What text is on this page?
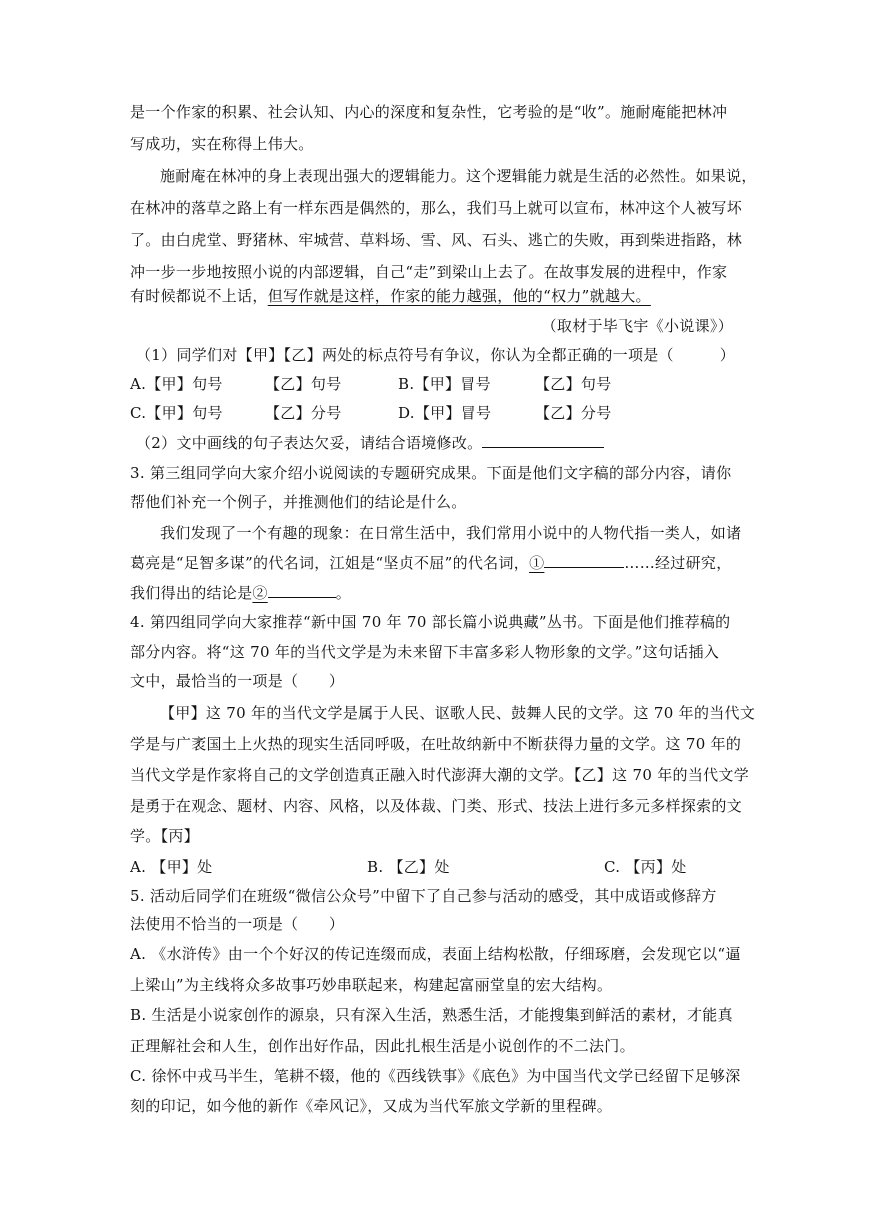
是一个作家的积累、社会认知、内心的深度和复杂性，它考验的是“收”。施耐庵能把林冲
写成功，实在称得上伟大。
施耐庵在林冲的身上表现出强大的逻辑能力。这个逻辑能力就是生活的必然性。如果说，
在林冲的落草之路上有一样东西是偶然的，那么，我们马上就可以宣布，林冲这个人被写坏
了。由白虎堂、野猪林、牢城营、草料场、雪、风、石头、逃亡的失败，再到柴进指路，林
冲一步一步地按照小说的内部逻辑，自己“走”到梁山上去了。在故事发展的进程中，作家
有时候都说不上话，但写作就是这样，作家的能力越强，他的“权力”就越大。
（取材于毕飞宇《小说课》）
（1）同学们对【甲】【乙】两处的标点符号有争议，你认为全都正确的一项是（　　　）
A.【甲】句号	【乙】句号	B.【甲】冒号	【乙】句号
C.【甲】句号	【乙】分号	D.【甲】冒号	【乙】分号
（2）文中画线的句子表达欠妥，请结合语境修改。
3. 第三组同学向大家介绍小说阅读的专题研究成果。下面是他们文字稿的部分内容，请你
帮他们补充一个例子，并推测他们的结论是什么。
我们发现了一个有趣的现象：在日常生活中，我们常用小说中的人物代指一类人，如诸
葛亮是“足智多谋”的代名词，江姐是“坚贞不屈”的代名词，①	……经过研究，
我们得出的结论是②	。
4. 第四组同学向大家推荐“新中国 70 年 70 部长篇小说典藏”丛书。下面是他们推荐稿的
部分内容。将“这 70 年的当代文学是为未来留下丰富多彩人物形象的文学。”这句话插入
文中，最恰当的一项是（　　）
【甲】这 70 年的当代文学是属于人民、讴歌人民、鼓舞人民的文学。这 70 年的当代文
学是与广袤国土上火热的现实生活同呼吸，在吐故纳新中不断获得力量的文学。这 70 年的
当代文学是作家将自己的文学创造真正融入时代澎湃大潮的文学。【乙】这 70 年的当代文学
是勇于在观念、题材、内容、风格，以及体裁、门类、形式、技法上进行多元多样探索的文
学。【丙】
A. 【甲】处	B. 【乙】处	C. 【丙】处
5. 活动后同学们在班级“微信公众号”中留下了自己参与活动的感受，其中成语或修辞方
法使用不恰当的一项是（　　）
A. 《水浒传》由一个个好汉的传记连缀而成，表面上结构松散，仔细琢磨，会发现它以“逼
上梁山”为主线将众多故事巧妙串联起来，构建起富丽堂皇的宏大结构。
B. 生活是小说家创作的源泉，只有深入生活，熟悉生活，才能搜集到鲜活的素材，才能真
正理解社会和人生，创作出好作品，因此扎根生活是小说创作的不二法门。
C. 徐怀中戎马半生，笔耕不辍，他的《西线铁事》《底色》为中国当代文学已经留下足够深
刻的印记，如今他的新作《牵风记》，又成为当代军旅文学新的里程碑。
